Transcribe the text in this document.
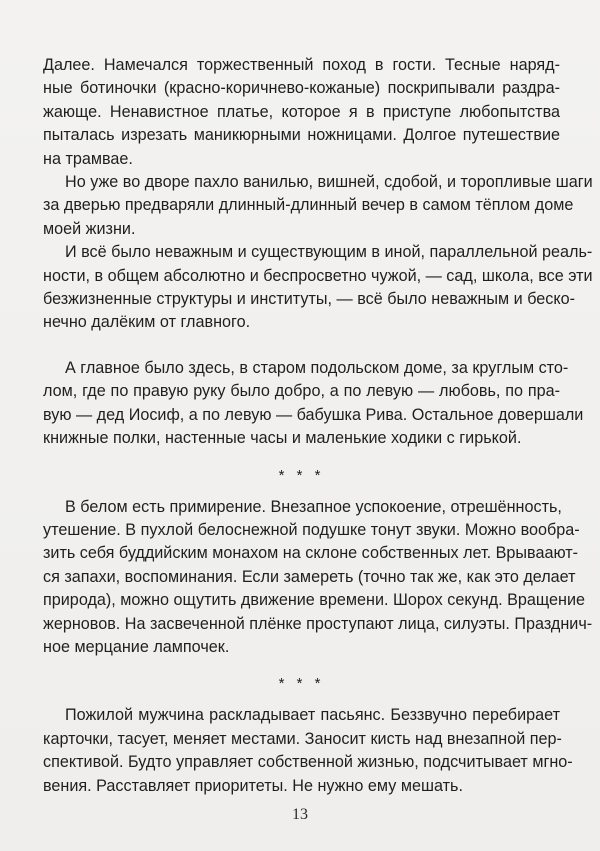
Далее. Намечался торжественный поход в гости. Тесные наряд-
ные ботиночки (красно-коричнево-кожаные) поскрипывали раздра-
жающе. Ненавистное платье, которое я в приступе любопытства
пыталась изрезать маникюрными ножницами. Долгое путешествие
на трамвае.

Но уже во дворе пахло ванилью, вишней, сдобой, и торопливые шаги
за дверью предваряли длинный-длинный вечер в самом тёплом доме
моей жизни.

И всё было неважным и существующим в иной, параллельной реаль-
ности, в общем абсолютно и беспросветно чужой, — сад, школа, все эти
безжизненные структуры и институты, — всё было неважным и беско-
нечно далёким от главного.

А главное было здесь, в старом подольском доме, за круглым сто-
лом, где по правую руку было добро, а по левую — любовь, по пра-
вую — дед Иосиф, а по левую — бабушка Рива. Остальное довершали
книжные полки, настенные часы и маленькие ходики с гирькой.

* * *

В белом есть примирение. Внезапное успокоение, отрешённость,
утешение. В пухлой белоснежной подушке тонут звуки. Можно вообра-
зить себя буддийским монахом на склоне собственных лет. Врываают-
ся запахи, воспоминания. Если замереть (точно так же, как это делает
природа), можно ощутить движение времени. Шорох секунд. Вращение
жерновов. На засвеченной плёнке проступают лица, силуэты. Празднич-
ное мерцание лампочек.

* * *

Пожилой мужчина раскладывает пасьянс. Беззвучно перебирает
карточки, тасует, меняет местами. Заносит кисть над внезапной пер-
спективой. Будто управляет собственной жизнью, подсчитывает мгно-
вения. Расставляет приоритеты. Не нужно ему мешать.

13
